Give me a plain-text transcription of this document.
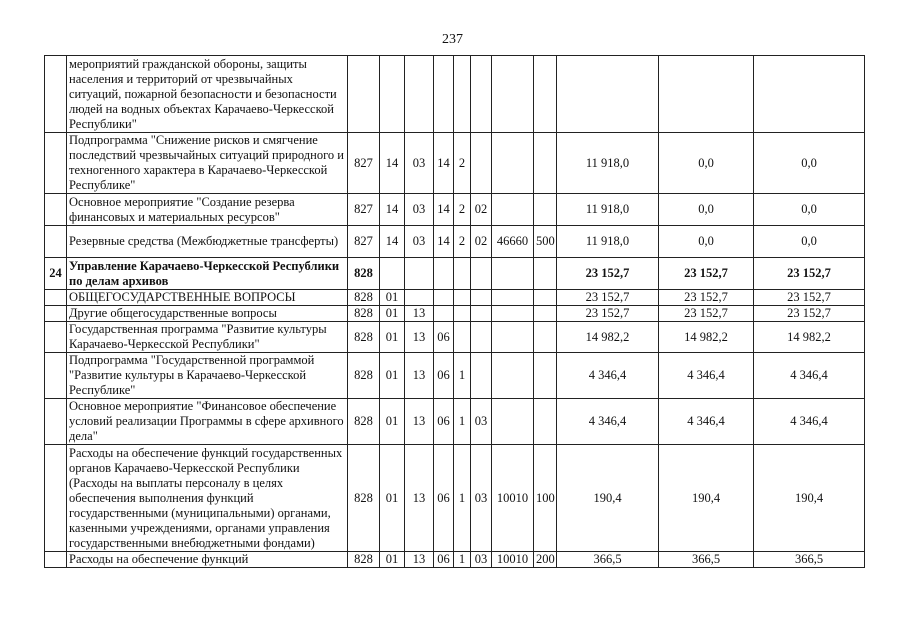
237
	мероприятий гражданской обороны, защиты населения и территорий от чрезвычайных ситуаций, пожарной безопасности и безопасности людей на водных объектах Карачаево-Черкесской Республики"											
	Подпрограмма "Снижение рисков и смягчение последствий чрезвычайных ситуаций природного и техногенного характера в Карачаево-Черкесской Республике"	827	14	03	14	2				11 918,0	0,0	0,0
	Основное мероприятие "Создание резерва финансовых и материальных ресурсов"	827	14	03	14	2	02			11 918,0	0,0	0,0
	Резервные средства (Межбюджетные трансферты)	827	14	03	14	2	02	46660	500	11 918,0	0,0	0,0
24	Управление Карачаево-Черкесской Республики по делам архивов	828								23 152,7	23 152,7	23 152,7
	ОБЩЕГОСУДАРСТВЕННЫЕ ВОПРОСЫ	828	01							23 152,7	23 152,7	23 152,7
	Другие общегосударственные вопросы	828	01	13						23 152,7	23 152,7	23 152,7
	Государственная программа "Развитие культуры Карачаево-Черкесской Республики"	828	01	13	06					14 982,2	14 982,2	14 982,2
	Подпрограмма "Государственной программой "Развитие культуры в Карачаево-Черкесской Республике"	828	01	13	06	1				4 346,4	4 346,4	4 346,4
	Основное мероприятие "Финансовое обеспечение условий реализации Программы в сфере архивного дела"	828	01	13	06	1	03			4 346,4	4 346,4	4 346,4
	Расходы на обеспечение функций государственных органов Карачаево-Черкесской Республики (Расходы на выплаты персоналу в целях обеспечения выполнения функций государственными (муниципальными) органами, казенными учреждениями, органами управления государственными внебюджетными фондами)	828	01	13	06	1	03	10010	100	190,4	190,4	190,4
	Расходы на обеспечение функций	828	01	13	06	1	03	10010	200	366,5	366,5	366,5
